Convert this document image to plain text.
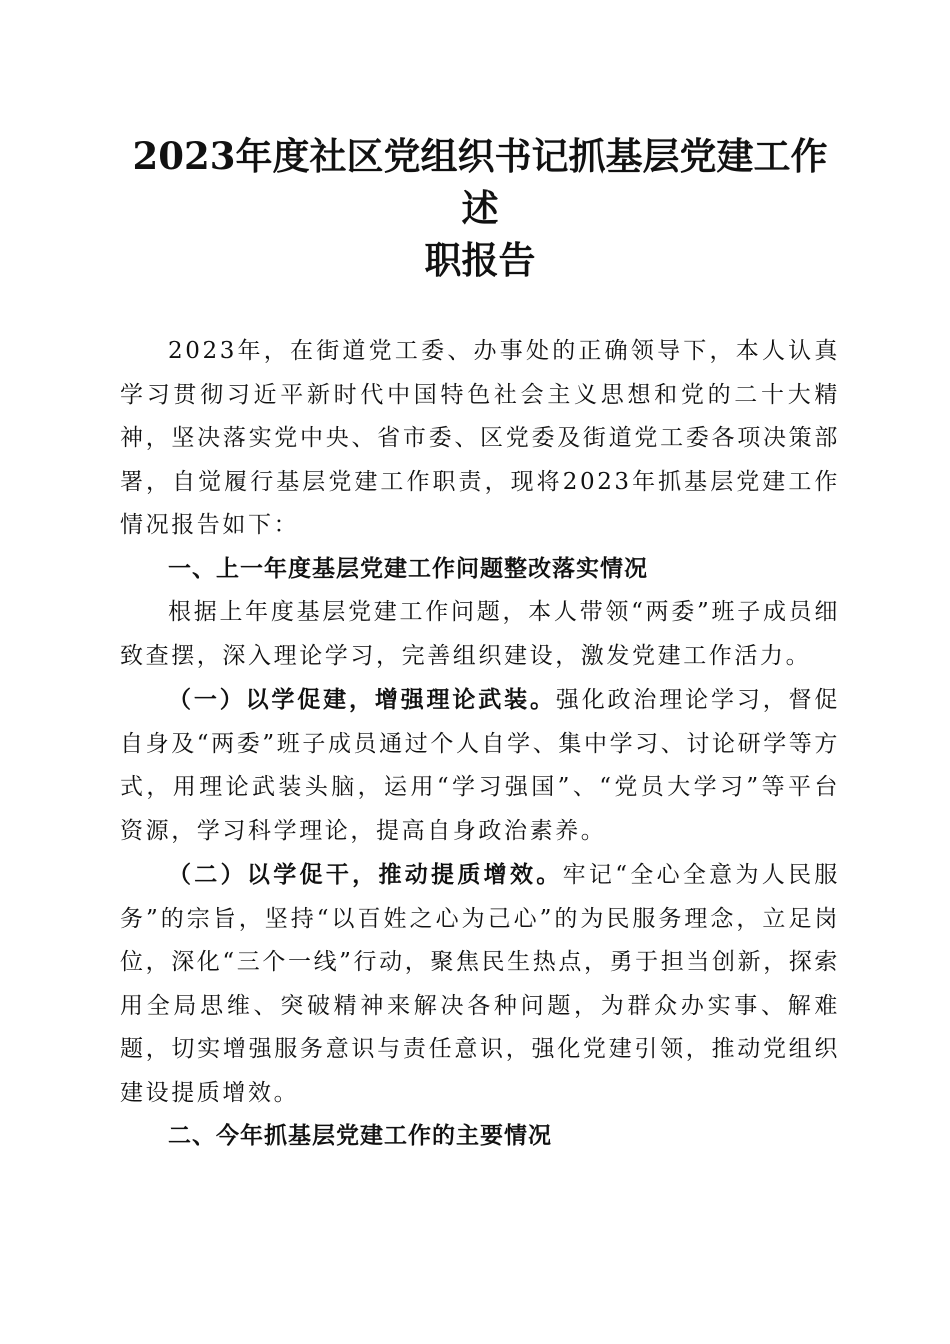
2023年度社区党组织书记抓基层党建工作述
职报告

2023年，在街道党工委、办事处的正确领导下，本人认真学习贯彻习近平新时代中国特色社会主义思想和党的二十大精神，坚决落实党中央、省市委、区党委及街道党工委各项决策部署，自觉履行基层党建工作职责，现将2023年抓基层党建工作情况报告如下：

一、上一年度基层党建工作问题整改落实情况

根据上年度基层党建工作问题，本人带领“两委”班子成员细致查摆，深入理论学习，完善组织建设，激发党建工作活力。

（一）以学促建，增强理论武装。强化政治理论学习，督促自身及“两委”班子成员通过个人自学、集中学习、讨论研学等方式，用理论武装头脑，运用“学习强国”、“党员大学习”等平台资源，学习科学理论，提高自身政治素养。

（二）以学促干，推动提质增效。牢记“全心全意为人民服务”的宗旨，坚持“以百姓之心为己心”的为民服务理念，立足岗位，深化“三个一线”行动，聚焦民生热点，勇于担当创新，探索用全局思维、突破精神来解决各种问题，为群众办实事、解难题，切实增强服务意识与责任意识，强化党建引领，推动党组织建设提质增效。

二、今年抓基层党建工作的主要情况
